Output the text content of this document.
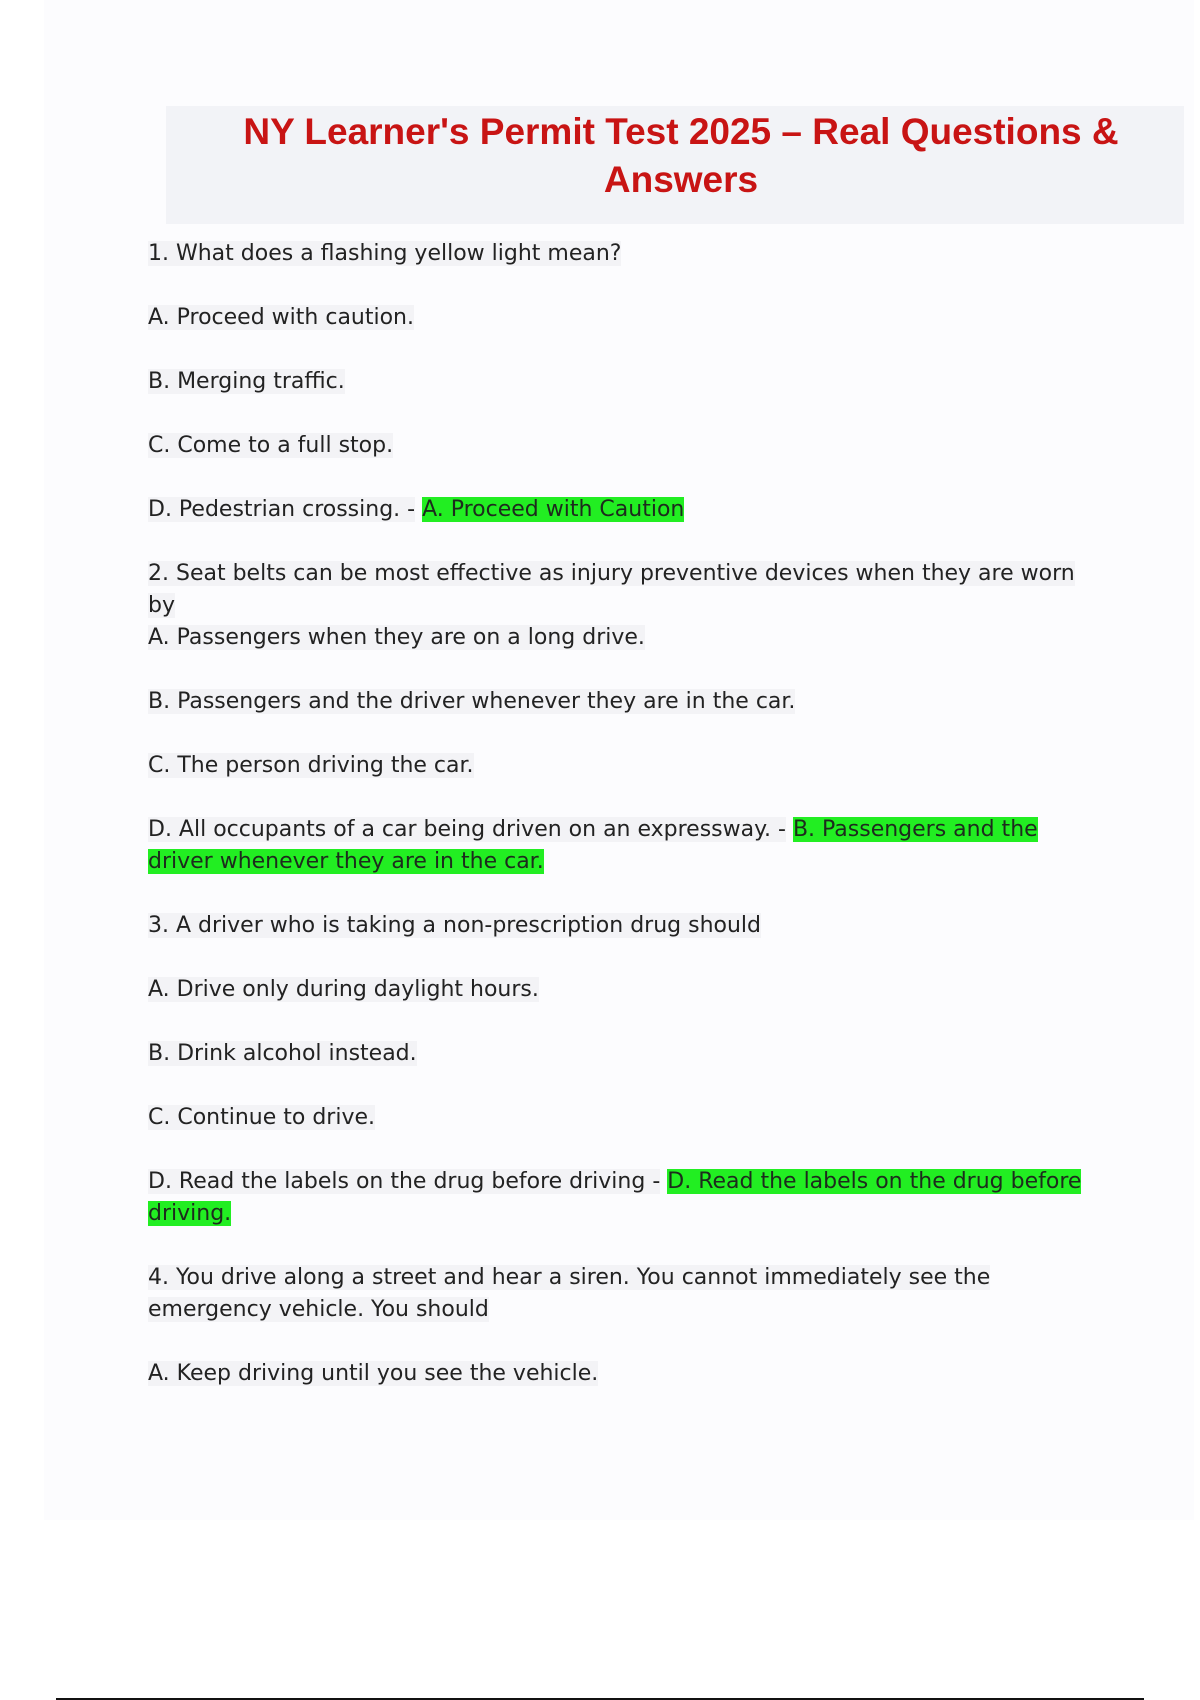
NY Learner's Permit Test 2025 – Real Questions & Answers

1. What does a flashing yellow light mean?

A. Proceed with caution.

B. Merging traffic.

C. Come to a full stop.

D. Pedestrian crossing. - A. Proceed with Caution

2. Seat belts can be most effective as injury preventive devices when they are worn by

A. Passengers when they are on a long drive.

B. Passengers and the driver whenever they are in the car.

C. The person driving the car.

D. All occupants of a car being driven on an expressway. - B. Passengers and the driver whenever they are in the car.

3. A driver who is taking a non-prescription drug should

A. Drive only during daylight hours.

B. Drink alcohol instead.

C. Continue to drive.

D. Read the labels on the drug before driving - D. Read the labels on the drug before driving.

4. You drive along a street and hear a siren. You cannot immediately see the emergency vehicle. You should

A. Keep driving until you see the vehicle.
